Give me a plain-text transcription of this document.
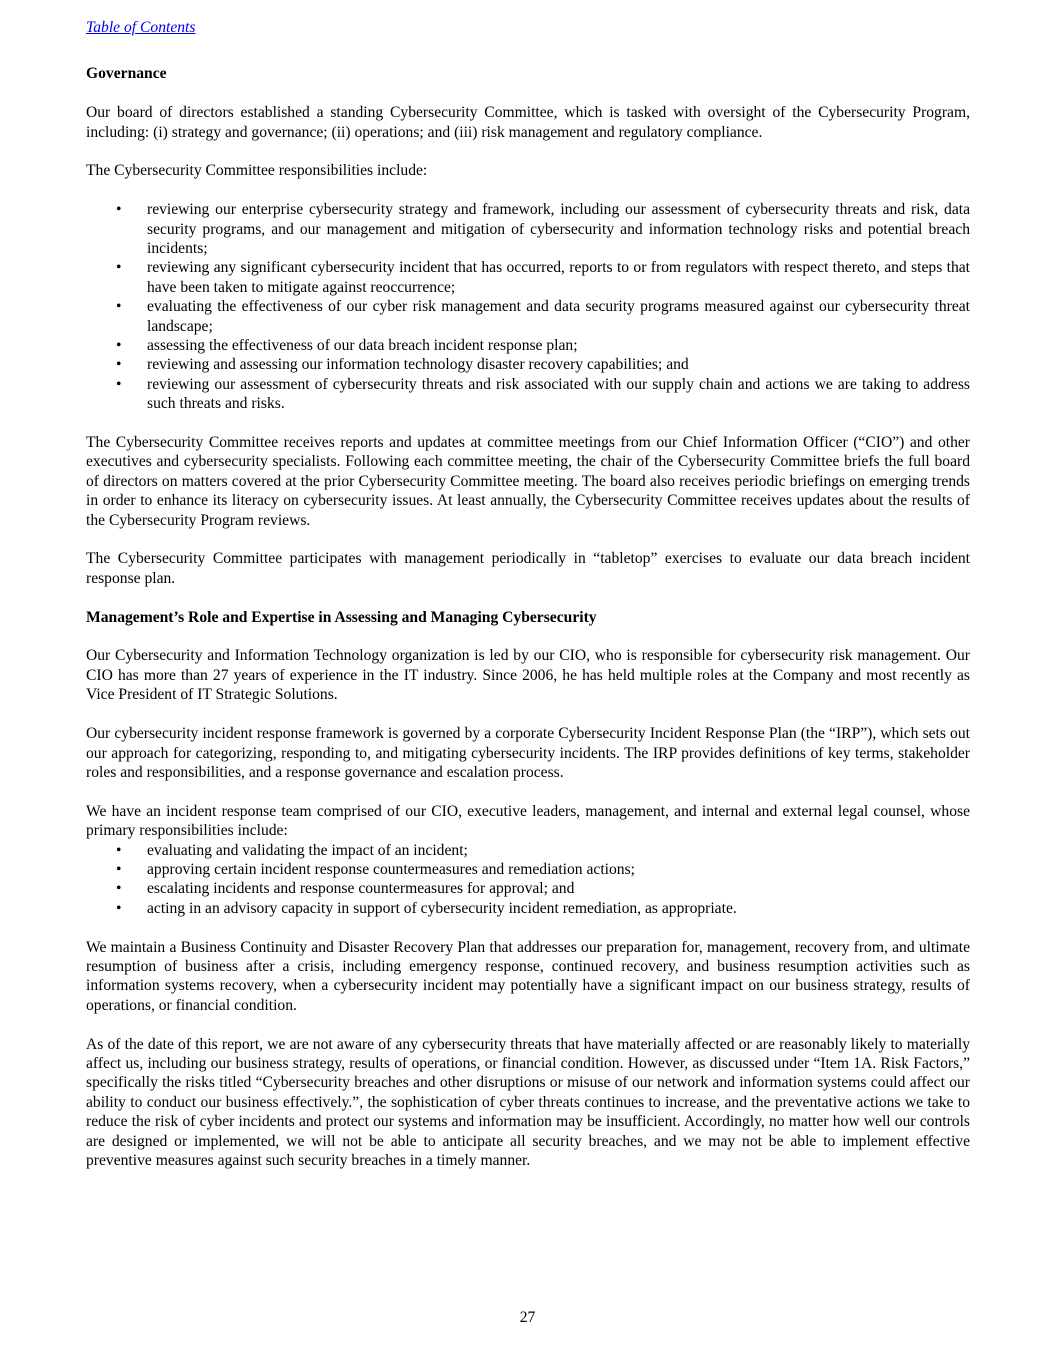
Table of Contents
Governance

Our board of directors established a standing Cybersecurity Committee, which is tasked with oversight of the Cybersecurity Program, including: (i) strategy and governance; (ii) operations; and (iii) risk management and regulatory compliance.

The Cybersecurity Committee responsibilities include:

• reviewing our enterprise cybersecurity strategy and framework, including our assessment of cybersecurity threats and risk, data security programs, and our management and mitigation of cybersecurity and information technology risks and potential breach incidents;
• reviewing any significant cybersecurity incident that has occurred, reports to or from regulators with respect thereto, and steps that have been taken to mitigate against reoccurrence;
• evaluating the effectiveness of our cyber risk management and data security programs measured against our cybersecurity threat landscape;
• assessing the effectiveness of our data breach incident response plan;
• reviewing and assessing our information technology disaster recovery capabilities; and
• reviewing our assessment of cybersecurity threats and risk associated with our supply chain and actions we are taking to address such threats and risks.

The Cybersecurity Committee receives reports and updates at committee meetings from our Chief Information Officer (“CIO”) and other executives and cybersecurity specialists. Following each committee meeting, the chair of the Cybersecurity Committee briefs the full board of directors on matters covered at the prior Cybersecurity Committee meeting. The board also receives periodic briefings on emerging trends in order to enhance its literacy on cybersecurity issues. At least annually, the Cybersecurity Committee receives updates about the results of the Cybersecurity Program reviews.

The Cybersecurity Committee participates with management periodically in “tabletop” exercises to evaluate our data breach incident response plan.

Management’s Role and Expertise in Assessing and Managing Cybersecurity

Our Cybersecurity and Information Technology organization is led by our CIO, who is responsible for cybersecurity risk management. Our CIO has more than 27 years of experience in the IT industry. Since 2006, he has held multiple roles at the Company and most recently as Vice President of IT Strategic Solutions.

Our cybersecurity incident response framework is governed by a corporate Cybersecurity Incident Response Plan (the “IRP”), which sets out our approach for categorizing, responding to, and mitigating cybersecurity incidents. The IRP provides definitions of key terms, stakeholder roles and responsibilities, and a response governance and escalation process.

We have an incident response team comprised of our CIO, executive leaders, management, and internal and external legal counsel, whose primary responsibilities include:

• evaluating and validating the impact of an incident;
• approving certain incident response countermeasures and remediation actions;
• escalating incidents and response countermeasures for approval; and
• acting in an advisory capacity in support of cybersecurity incident remediation, as appropriate.

We maintain a Business Continuity and Disaster Recovery Plan that addresses our preparation for, management, recovery from, and ultimate resumption of business after a crisis, including emergency response, continued recovery, and business resumption activities such as information systems recovery, when a cybersecurity incident may potentially have a significant impact on our business strategy, results of operations, or financial condition.

As of the date of this report, we are not aware of any cybersecurity threats that have materially affected or are reasonably likely to materially affect us, including our business strategy, results of operations, or financial condition. However, as discussed under “Item 1A. Risk Factors,” specifically the risks titled “Cybersecurity breaches and other disruptions or misuse of our network and information systems could affect our ability to conduct our business effectively.”, the sophistication of cyber threats continues to increase, and the preventative actions we take to reduce the risk of cyber incidents and protect our systems and information may be insufficient. Accordingly, no matter how well our controls are designed or implemented, we will not be able to anticipate all security breaches, and we may not be able to implement effective preventive measures against such security breaches in a timely manner.

27
